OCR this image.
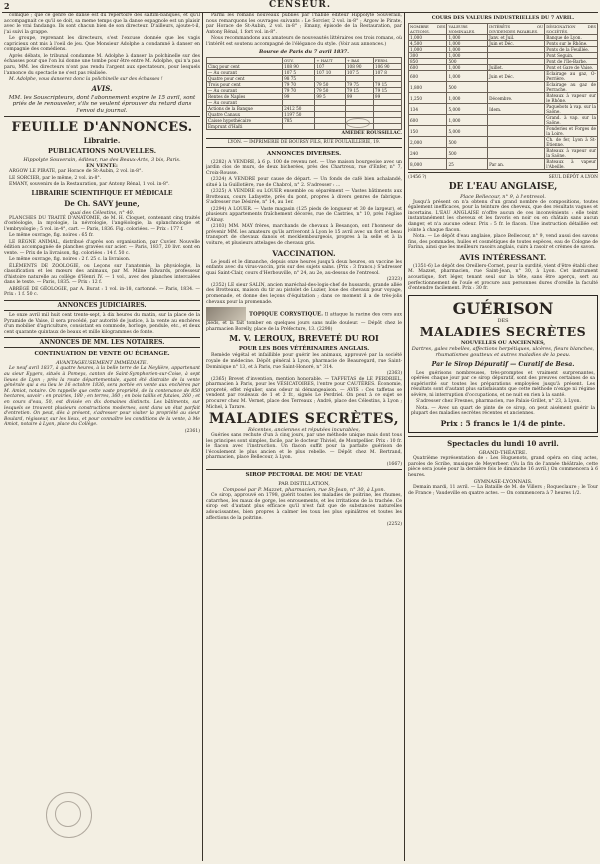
2	CENSEUR.

comique ; que ce genre de danse est du répertoire des saltim-banques, et qu'il accompagnait ce qu'il se doit, sa meme temps que la danse espagnole est un plaisir avec le vrai fandango. Ils sont chacun bien de son directeur. D'ailleurs, ajoute-t-il, j'ai suivi la grappe.

Le groupe, reprenant les directeurs, s'est l'excuse donnée que les vagis capricieux ont mis à l'oeil de jeu. Que Monsieur Adolphe a condamné à danser en compagnie des comédiens.

Après débats, le tribunal condamne M. Adolphe à danser la polchinelle sur des échasses pour que l'on lui donne une tombe pour être entre M. Adolphe, qui n'a pas paru, MM. les directeurs n'ont pas rendu l'argent aux spectateurs, pour lesquels l'annonce du spectacle ne s'est pas réalisée.

M. Adolphe, vous danserez donc la polichinelle sur des échasses !

AVIS.

MM. les Souscripteurs, dont l'abonnement expire le 15 avril, sont priés de le renouveler, s'ils ne veulent éprouver du retard dans l'envoi du journal.

FEUILLE D'ANNONCES.
Librairie.
PUBLICATIONS NOUVELLES.
Hippolyte Souverain, éditeur, rue des Beaux-Arts, 3 bis, Paris.
EN VENTE:

ARGOW LE PIRATE, par Horace de St-Aubin, 2 vol. in-8°.

LE SORCIER, par le même, 2 vol. in-8°.

EMANY, souvenirs de la Restauration, par Antony Rénal, 1 vol. in-8°.

LIBRAIRIE SCIENTIFIQUE ET MÉDICALE
De Ch. SAVY jeune,
quai des Célestins, n° 40.

PLANCHES DU TRAITÉ D'ANATOMIE, de M. H. Cloquet, contenant cinq traités d'ostéologie, la myologie, la névrologie, l'angéiologie, la splanchnologie et l'embryologie ; 5 vol. in-4°, cart. — Paris, 1836. Fig. coloriées. — Prix : 177 f.

Le même ouvrage, fig. noires : 65 fr.

LE RÈGNE ANIMAL, distribué d'après son organisation, par Cuvier. Nouvelle édition accompagnée de planches gravées sur acier. — Paris, 1837, 20 livr. sont en vente. — Prix de la livraison, fig. coloriées : 14 f. 50 c.

Le même ouvrage, fig. noires : 2 f. 25 c. la livraison.

ÉLÉMENTS DE ZOOLOGIE, ou Leçons sur l'anatomie, la physiologie, la classification et les mœurs des animaux, par M. Milne Edwards, professeur d'histoire naturelle au collège d'Henri IV. — 1 vol., avec des planches intercalées dans le texte. — Paris, 1835. — Prix : 12 f.

ABRÉGÉ DE GÉOLOGIE, par A. Burat : 1 vol. in-18, cartonné. — Paris, 1834. — Prix : 1 f. 50 c.

ANNONCES JUDICIAIRES.

Le onze avril mil huit cent trente-sept, à dix heures du matin, sur la place de la Pyramide de Vaise, il sera procédé, par autorité de justice, à la vente au enchères d'un mobilier d'agriculture, consistant en commode, horloge, pendule, etc., et deux cent quarante quintaux de beaux et mille kilogrammes de fonte.

ANNONCES DE MM. LES NOTAIRES.
CONTINUATION DE VENTE OU ÉCHANGE.
AVANTAGEUSEMENT IMMÉDIATE.

Le neuf avril 1837, à quatre heures, à la belle terre de La Neylière, appartenant au sieur Eygers, situés à Pomeys, canton de Saint-Symphorien-sur-Coise, à sept lieues de Lyon ; près la route départementale, ayant été distraite de la vente générale qui a eu lieu le 16 octobre 1836, sera portée en vente aux enchères par M. Amiot, notaire. On rappelle que cette vaste propriété, de la contenance de 850 hectares, savoir : en prairies, 180 ; en terres, 360 ; en bois taillis et futaies, 260 ; et en cours d'eau, 50, est divisée en dix domaines distincts. Les bâtiments, sur lesquels se trouvent plusieurs constructions modernes, sont dans un état parfait d'entretien. On peut, dès à présent, s'adresser pour visiter la propriété au sieur Boulard, régisseur, sur les lieux, et pour connaître les conditions de la vente, à Me Amiot, notaire à Lyon, place du Collège.

(2361)

Parmi les romans nouveaux publiés par l'habile éditeur Hippolyte Souverain, nous remarquons les ouvrages suivants : Le Sorcier, 2 vol. in-8° ; Argow le Pirate, par Horace de St-Aubin, 2 vol. in-8° ; Emany, épisode de la Restauration, par Antony Rénal, 1 fort vol. in-8°.

Nous recommandons aux amateurs de nouveautés littéraires ces trois romans, où l'intérêt est soutenu accompagné de l'élégance du style. (Voir aux annonces.)

Bourse de Paris du 7 avril 1837.
	OUV.	+ HAUT	+ BAS	FERM.
Cinq pour cent	108 90	107	108 90	106 90
— Au courant	107 5	107 10	107 5	107 8
Quatre pour cent	98 75			
Trois pour cent	79 70	79 50	79 75	79 15
— Au courant	79 70	79 50	79 15	79 15
Rentes de Naples	99	99 5	99	99
— Au courant				
Actions de la Banque	2412 50			
Quatre Canaux	1197 50			
Caisse hypothécaire	785			
Emprunt d'Haïti				
AMÉDÉE ROUSSILLAC.
LYON. — IMPRIMERIE DE BOURSY FILS, RUE POULAILLERIE, 19.
ANNONCES DIVERSES.

(2282) A VENDRE, à 6 p. 100 de revenu net. — Une maison bourgeoise avec un jardin clos de murs, de deux bicherées, près des Chartreux, rue d'Enfer, n° 7, Croix-Rousse.

(2324) A VENDRE pour cause de départ. — Un fonds de café bien achalandé, situé à la Guillotière, rue de Chabrol, n° 2. S'adresser : ...

(2325) A VENDRE ou LOUER ensemble ou séparément — Vastes bâtiments aux Brotteaux, cours Lafayette, près du pont, propres à divers genres de fabrique. S'adresser rue Désirée, n° 14, au 1er.

(2294) A LOUER. — Vaste magasin (125 pieds de longueur et 30 de largeur), et plusieurs appartements fraîchement décorés, rue de Castries, n° 10, près l'église d'Ainay.

(2103) MM. MAY frères, marchands de chevaux à Besançon, ont l'honneur de prévenir MM. les amateurs qu'ils arriveront à Lyon le 15 avril avec un fort et beau transport de chevaux danois et mecklembourgeois, propres à la selle et à la voiture, et plusieurs attelages de chevaux gris.

VACCINATION.

Le jeudi et le dimanche, depuis onze heures jusqu'à deux heures, on vaccine les enfants avec du virus-vaccin, pris sur des sujets sains. (Prix : 3 francs.) S'adresser quai Saint-Clair, cours d'Herbouville, n° 24, au 2e, au-dessus de l'entresol.

(2323)

(2352) LE sieur SALIN, ancien maréchal-des-logis-chef de hussards, grande allée des Brotteaux, maison du tir au pistolet de Luzier, loue des chevaux pour voyage, promenade, et donne des leçons d'équitation ; dans ce moment il a de très-jolis chevaux pour la promenade.

TOPIQUE CORYSTIQUE. Il attaque la racine des cors aux pieds, et la fait tomber en quelques jours sans nulle douleur. — Dépôt chez le pharmacien Borelly, place de la Préfecture, 13. (2298)
M. V. LEROUX, BREVETÉ DU ROI
POUR LES BOIS VÉTÉRINAIRES ANGLAIS.

Remède végétal et infaillible pour guérir les animaux, approuvé par la société royale de médecine. Dépôt général à Lyon, pharmacie de Beauregard, rue Saint-Dominique n° 13, et à Paris, rue Saint-Honoré, n° 314.

(2363)

(2365) Brevet d'invention, mention honorable. — TAFFETAS de LE PERDRIEL, pharmacien à Paris, pour les VÉSICATOIRES, l'entre pour CAUTÈRES. Économie, propreté, effet régulier, sans odeur ni démangeaison. — AVIS : Ces taffetas se vendent par rouleaux de 1 et 2 fr., signés Le Perdriel. On peut à ce sujet se procurer chez M. Vernet, place des Terreaux ; André, place des Célestins, à Lyon ; Michel, à Tarare.

MALADIES SECRÈTES,
Récentes, anciennes et réputées incurables,

Guéries sans rechute d'un à cinq jours, par une méthode unique mais dont tous les principes sont simples, facile, par le docteur Thiviel, de Montpellier. Prix : 10 fr. le flacon avec l'instruction. Un flacon suffit pour la parfaite guérison de l'écoulement le plus ancien et le plus rebelle. — Dépôt chez M. Bertrand, pharmacien, place Bellecour, à Lyon.

(1667)
SIROP PECTORAL DE MOU DE VEAU
PAR DISTILLATION,
Composé par P. Mazzet, pharmacien, rue St-Jean, n° 30, à Lyon.

Ce sirop, approuvé en 1798, guérit toutes les maladies de poitrine, les rhumes, catarrhes, les maux de gorge, les enrouements, et les irritations de la trachée. Ce sirop est d'autant plus efficace qu'il n'est fait que de substances naturelles adoucissantes, bien propres à calmer les toux les plus opiniâtres et toutes les affections de la poitrine.

(2252)
COURS DES VALEURS INDUSTRIELLES DU 7 AVRIL.
NOMBRE DES ACTIONS.	VALEURS NOMINALES.	INTÉRÊTS OU DIVIDENDES PAYABLES.	DÉSIGNATION DES SOCIÉTÉS.
1,000	1,000	Janv. et Juil.	Banque de Lyon.
4,500	1,000	Juin et Déc.	Ponts sur le Rhône.
1,000	1,000		Ponts de la Feuillée.
300	1,000		Pont Seguin.
850	500		Pont de l'Ile-Barbe.
600	1,000	Juillet.	Pont et Gare de Vaise.
600	1,000	Juin et Déc.	Éclairage au gaz, O-Perrière.
1,800	500		Éclairage au gaz de Perrache.
1,250	1,000	Décembre.	Bateaux à vapeur sur le Rhône.
134	5,000	Idem.	Paquebots à vap. sur la Saône.
600	1,000		Grand. à vap. sur la Saône.
150	5,000		Fonderies et Forges de la Loire.
2,000	500		Ch. de fer, Lyon à St-Étienne.
240	500		Bateaux à vapeur sur la Saône.
8,000	25	Par an.	Bateaux à vapeur l'Abeille.
(1456 ?)	SEUL DÉPÔT A LYON
DE L'EAU ANGLAISE,
Place Bellecour, n° 9, à l'entresol.

Jusqu'à présent on n'a obtenu d'un grand nombre de compositions, toutes également inefficaces, pour la teinture des cheveux, que des résultats vagues et incertains. L'EAU ANGLAISE n'offre aucun de ces inconvénients : elle teint instantanément les cheveux et les favoris en noir ou en châtain sans aucun danger, et n'a aucune odeur. Prix : 5 fr. le flacon. Une instruction détaillée est jointe à chaque flacon.

Nota. — Le dépôt d'eau anglaise, place Bellecour, n° 9, vend aussi des savons fins, des pommades, huiles et cosmétiques de toutes espèces, eau de Cologne de Farina, ainsi que les meilleurs rasoirs anglais, cuirs à rasoir et crèmes de savon.

AVIS INTÉRESSANT.

(1351-6) Le dépôt des Oreillers-Cornet, pour la surdité, vient d'être établi chez M. Mazzet, pharmacien, rue Saint-Jean, n° 30, à Lyon. Cet instrument acoustique, fort léger, tenant seul sur la tête, sans être aperçu, sert au perfectionnement de l'ouïe et procure aux personnes dures d'oreille la faculté d'entendre facilement. Prix : 30 fr.

GUÉRISON
DES
MALADIES SECRÈTES
NOUVELLES OU ANCIENNES,
Dartres, gales rebelles, affections herpétiques, ulcères, fleurs blanches, rhumatismes goutteux et autres maladies de la peau.
Par le Sirop Dépuratif — Curatif de Besa.

Les guérisons nombreuses, très-promptes et vraiment surprenantes, opérées chaque jour par ce sirop dépuratif, sont des preuves certaines de sa supériorité sur toutes les préparations employées jusqu'à présent. Les résultats sont d'autant plus satisfaisants que cette méthode n'exige ni régime sévère, ni interruption d'occupations, et ne nuit en rien à la santé.

S'adresser chez Fresnes, pharmacien, rue Palais-Grillet, n° 23, à Lyon.

Nota. — Avec un quart de pinte de ce sirop, on peut aisément guérir la plupart des maladies secrètes récentes et anciennes.

Prix : 5 francs le 1/4 de pinte.
Spectacles du lundi 10 avril.
GRAND-THÉATRE.

Quatrième représentation de : Les Huguenots, grand opéra en cinq actes, paroles de Scribe, musique de Meyerbeer. (Vu la fin de l'année théâtrale, cette pièce sera jouée pour la dernière fois le dimanche 16 avril.) On commencera à 6 heures.

GYMNASE-LYONNAIS.

Demain mardi, 11 avril. — La Bataille de M. de Villers ; Roqueclaure ; le Tour de France ; Vaudeville en quatre actes. — On commencera à 7 heures 1/2.
